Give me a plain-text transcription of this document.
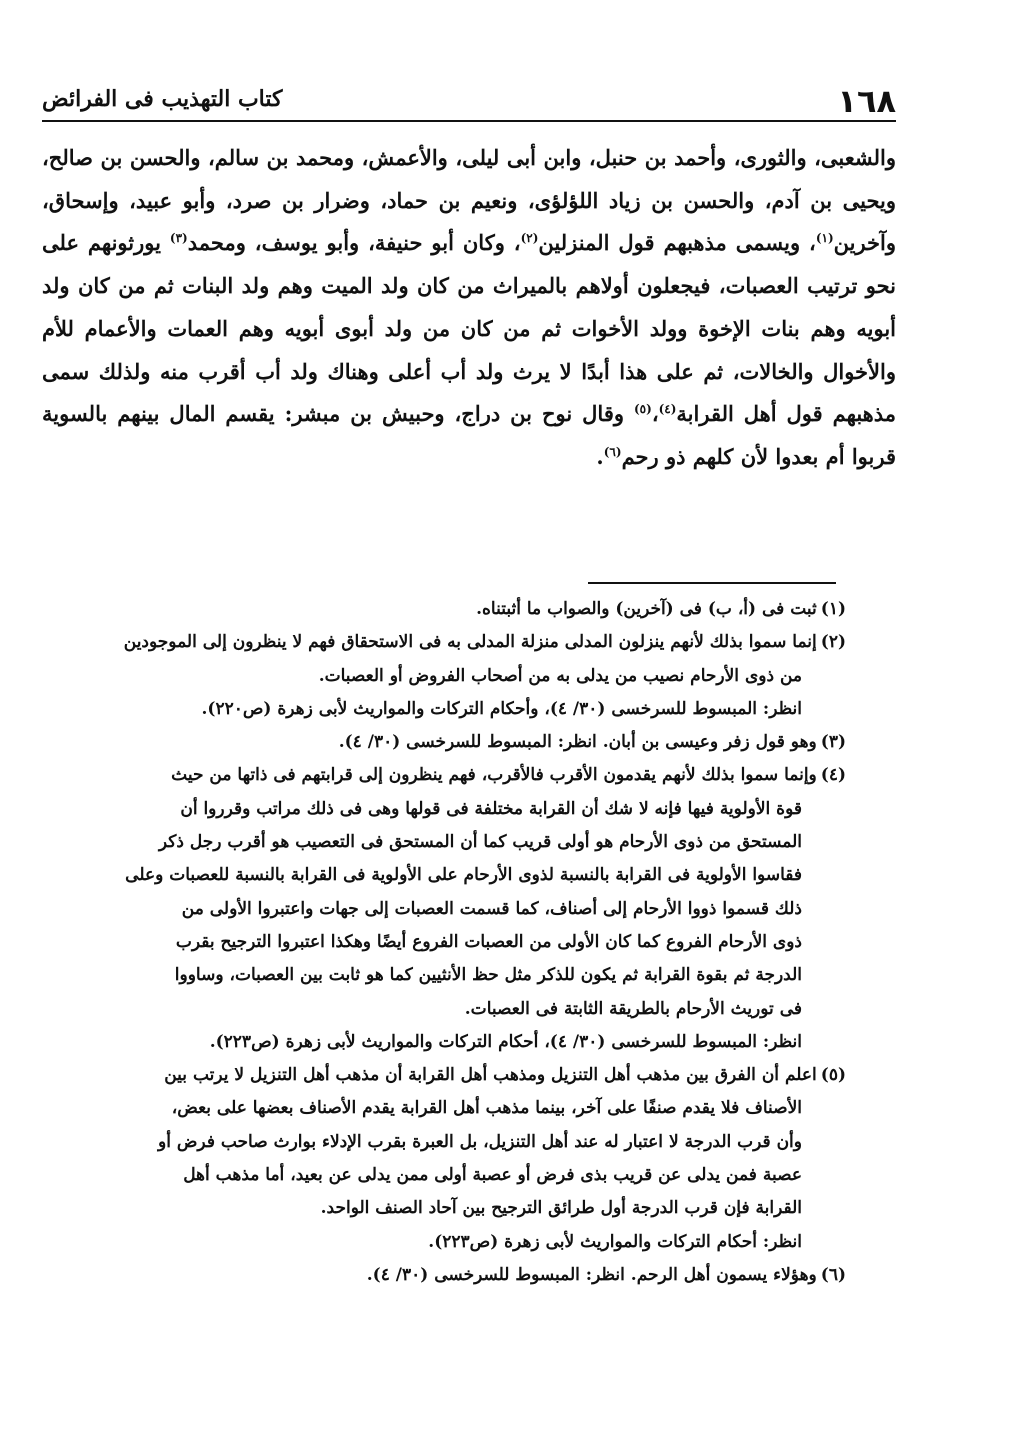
١٦٨
كتاب التهذيب فى الفرائض

والشعبى، والثورى، وأحمد بن حنبل، وابن أبى ليلى، والأعمش، ومحمد بن سالم، والحسن بن صالح، ويحيى بن آدم، والحسن بن زياد اللؤلؤى، ونعيم بن حماد، وضرار بن صرد، وأبو عبيد، وإسحاق، وآخرين$^{(١)}$، ويسمى مذهبهم قول المنزلين$^{(٢)}$، وكان أبو حنيفة، وأبو يوسف، ومحمد$^{(٣)}$ يورثونهم على نحو ترتيب العصبات، فيجعلون أولاهم بالميراث من كان ولد الميت وهم ولد البنات ثم من كان ولد أبويه وهم بنات الإخوة وولد الأخوات ثم من كان من ولد أبوى أبويه وهم العمات والأعمام للأم والأخوال والخالات، ثم على هذا أبدًا لا يرث ولد أب أعلى وهناك ولد أب أقرب منه ولذلك سمى مذهبهم قول أهل القرابة$^{(٤)}$،$^{(٥)}$ وقال نوح بن دراج، وحبيش بن مبشر: يقسم المال بينهم بالسوية قربوا أم بعدوا لأن كلهم ذو رحم$^{(٦)}$.

(١)ثبت فى (أ، ب) فى (آخرين) والصواب ما أثبتناه.
(٢)إنما سموا بذلك لأنهم ينزلون المدلى منزلة المدلى به فى الاستحقاق فهم لا ينظرون إلى الموجودين
من ذوى الأرحام نصيب من يدلى به من أصحاب الفروض أو العصبات.
انظر: المبسوط للسرخسى (٣٠/ ٤)، وأحكام التركات والمواريث لأبى زهرة (ص٢٢٠).
(٣)وهو قول زفر وعيسى بن أبان. انظر: المبسوط للسرخسى (٣٠/ ٤).
(٤)وإنما سموا بذلك لأنهم يقدمون الأقرب فالأقرب، فهم ينظرون إلى قرابتهم فى ذاتها من حيث
قوة الأولوية فيها فإنه لا شك أن القرابة مختلفة فى قولها وهى فى ذلك مراتب وقرروا أن
المستحق من ذوى الأرحام هو أولى قريب كما أن المستحق فى التعصيب هو أقرب رجل ذكر
فقاسوا الأولوية فى القرابة بالنسبة لذوى الأرحام على الأولوية فى القرابة بالنسبة للعصبات وعلى
ذلك قسموا ذووا الأرحام إلى أصناف، كما قسمت العصبات إلى جهات واعتبروا الأولى من
ذوى الأرحام الفروع كما كان الأولى من العصبات الفروع أيضًا وهكذا اعتبروا الترجيح بقرب
الدرجة ثم بقوة القرابة ثم يكون للذكر مثل حظ الأنثيين كما هو ثابت بين العصبات، وساووا
فى توريث الأرحام بالطريقة الثابتة فى العصبات.
انظر: المبسوط للسرخسى (٣٠/ ٤)، أحكام التركات والمواريث لأبى زهرة (ص٢٢٣).
(٥)اعلم أن الفرق بين مذهب أهل التنزيل ومذهب أهل القرابة أن مذهب أهل التنزيل لا يرتب بين
الأصناف فلا يقدم صنفًا على آخر، بينما مذهب أهل القرابة يقدم الأصناف بعضها على بعض،
وأن قرب الدرجة لا اعتبار له عند أهل التنزيل، بل العبرة بقرب الإدلاء بوارث صاحب فرض أو
عصبة فمن يدلى عن قريب بذى فرض أو عصبة أولى ممن يدلى عن بعيد، أما مذهب أهل
القرابة فإن قرب الدرجة أول طرائق الترجيح بين آحاد الصنف الواحد.
انظر: أحكام التركات والمواريث لأبى زهرة (ص٢٢٣).
(٦)وهؤلاء يسمون أهل الرحم. انظر: المبسوط للسرخسى (٣٠/ ٤).
